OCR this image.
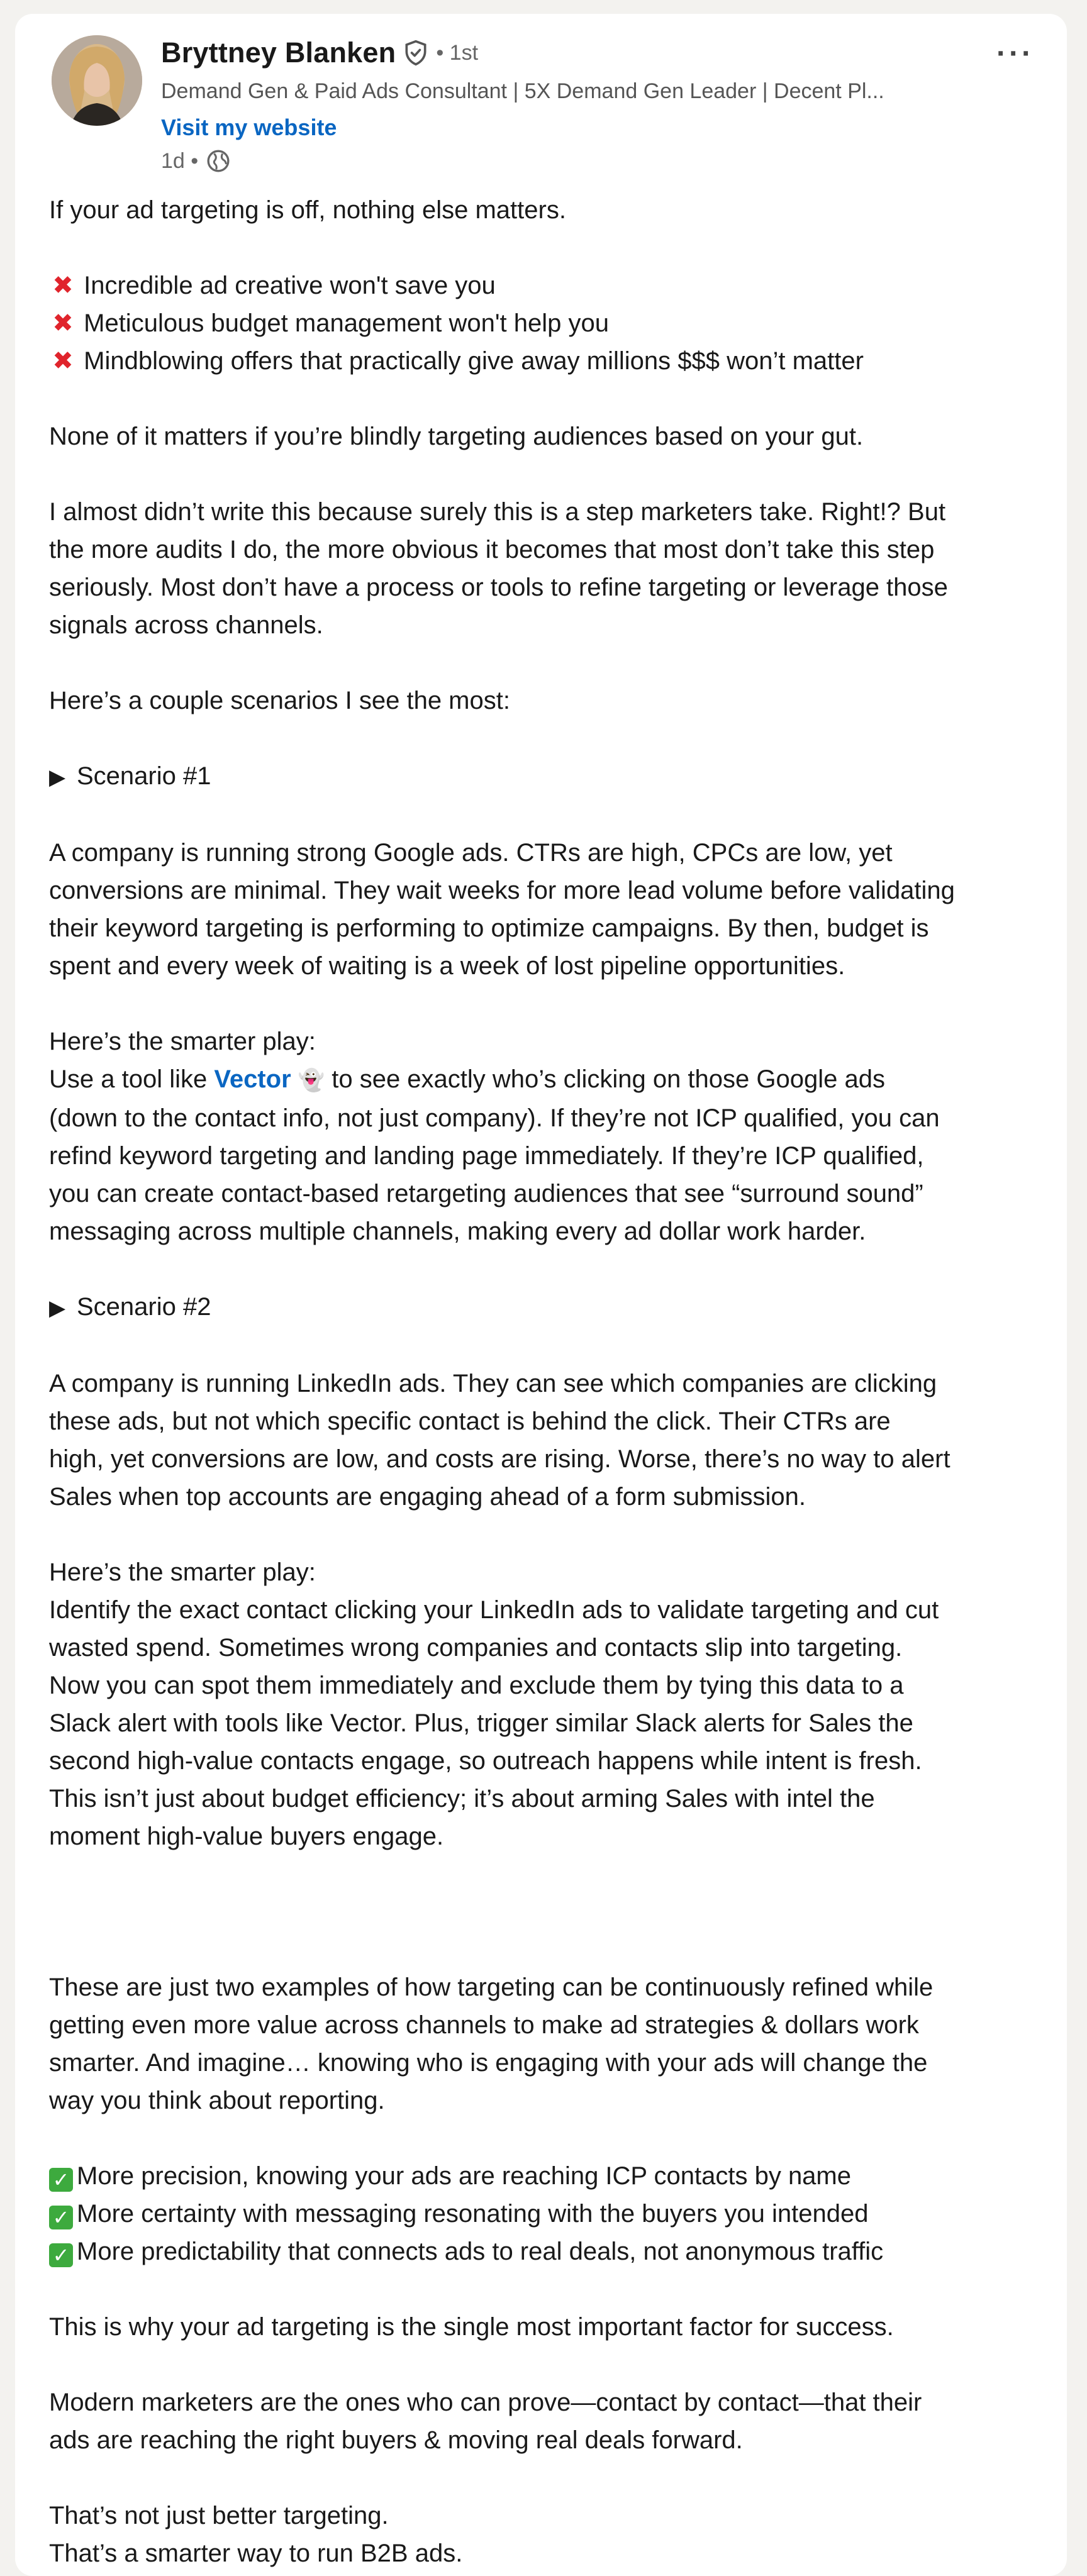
Bryttney Blanken • 1st
Demand Gen & Paid Ads Consultant | 5X Demand Gen Leader | Decent Pl...
Visit my website
1d •
···

If your ad targeting is off, nothing else matters.

✖ Incredible ad creative won't save you

✖ Meticulous budget management won't help you

✖ Mindblowing offers that practically give away millions $$$ won’t matter

None of it matters if you’re blindly targeting audiences based on your gut.

I almost didn’t write this because surely this is a step marketers take. Right!? But

the more audits I do, the more obvious it becomes that most don’t take this step

seriously. Most don’t have a process or tools to refine targeting or leverage those

signals across channels.

Here’s a couple scenarios I see the most:

▶ Scenario #1

A company is running strong Google ads. CTRs are high, CPCs are low, yet

conversions are minimal. They wait weeks for more lead volume before validating

their keyword targeting is performing to optimize campaigns. By then, budget is

spent and every week of waiting is a week of lost pipeline opportunities.

Here’s the smarter play:

Use a tool like Vector 👻 to see exactly who’s clicking on those Google ads

(down to the contact info, not just company). If they’re not ICP qualified, you can

refind keyword targeting and landing page immediately. If they’re ICP qualified,

you can create contact-based retargeting audiences that see “surround sound”

messaging across multiple channels, making every ad dollar work harder.

▶ Scenario #2

A company is running LinkedIn ads. They can see which companies are clicking

these ads, but not which specific contact is behind the click. Their CTRs are

high, yet conversions are low, and costs are rising. Worse, there’s no way to alert

Sales when top accounts are engaging ahead of a form submission.

Here’s the smarter play:

Identify the exact contact clicking your LinkedIn ads to validate targeting and cut

wasted spend. Sometimes wrong companies and contacts slip into targeting.

Now you can spot them immediately and exclude them by tying this data to a

Slack alert with tools like Vector. Plus, trigger similar Slack alerts for Sales the

second high-value contacts engage, so outreach happens while intent is fresh.

This isn’t just about budget efficiency; it’s about arming Sales with intel the

moment high-value buyers engage.

These are just two examples of how targeting can be continuously refined while

getting even more value across channels to make ad strategies & dollars work

smarter. And imagine… knowing who is engaging with your ads will change the

way you think about reporting.

✓ More precision, knowing your ads are reaching ICP contacts by name

✓ More certainty with messaging resonating with the buyers you intended

✓ More predictability that connects ads to real deals, not anonymous traffic

This is why your ad targeting is the single most important factor for success.

Modern marketers are the ones who can prove—contact by contact—that their

ads are reaching the right buyers & moving real deals forward.

That’s not just better targeting.

That’s a smarter way to run B2B ads.
